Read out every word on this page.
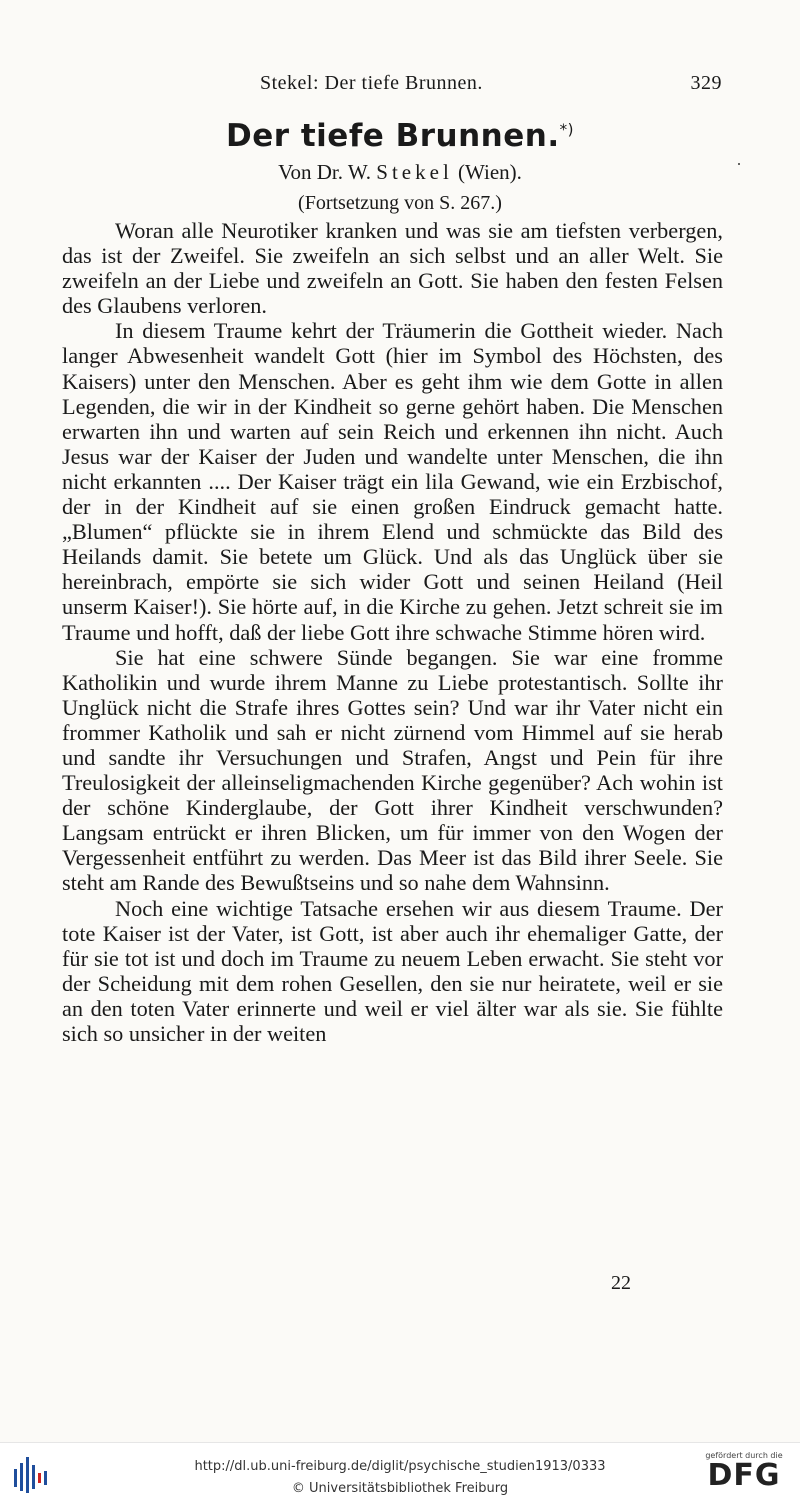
Stekel: Der tiefe Brunnen.	329
Der tiefe Brunnen.*)
Von Dr. W. Stekel (Wien).
(Fortsetzung von S. 267.)

Woran alle Neurotiker kranken und was sie am tiefsten verbergen, das ist der Zweifel. Sie zweifeln an sich selbst und an aller Welt. Sie zweifeln an der Liebe und zweifeln an Gott. Sie haben den festen Felsen des Glaubens verloren.

In diesem Traume kehrt der Träumerin die Gottheit wieder. Nach langer Abwesenheit wandelt Gott (hier im Symbol des Höchsten, des Kaisers) unter den Menschen. Aber es geht ihm wie dem Gotte in allen Legenden, die wir in der Kindheit so gerne gehört haben. Die Menschen erwarten ihn und warten auf sein Reich und erkennen ihn nicht. Auch Jesus war der Kaiser der Juden und wandelte unter Menschen, die ihn nicht erkannten .... Der Kaiser trägt ein lila Gewand, wie ein Erzbischof, der in der Kindheit auf sie einen großen Eindruck gemacht hatte. „Blumen“ pflückte sie in ihrem Elend und schmückte das Bild des Heilands damit. Sie betete um Glück. Und als das Unglück über sie hereinbrach, empörte sie sich wider Gott und seinen Heiland (Heil unserm Kaiser!). Sie hörte auf, in die Kirche zu gehen. Jetzt schreit sie im Traume und hofft, daß der liebe Gott ihre schwache Stimme hören wird.

Sie hat eine schwere Sünde begangen. Sie war eine fromme Katholikin und wurde ihrem Manne zu Liebe protestantisch. Sollte ihr Unglück nicht die Strafe ihres Gottes sein? Und war ihr Vater nicht ein frommer Katholik und sah er nicht zürnend vom Himmel auf sie herab und sandte ihr Versuchungen und Strafen, Angst und Pein für ihre Treulosigkeit der alleinseligmachenden Kirche gegenüber? Ach wohin ist der schöne Kinderglaube, der Gott ihrer Kindheit verschwunden? Langsam entrückt er ihren Blicken, um für immer von den Wogen der Vergessenheit entführt zu werden. Das Meer ist das Bild ihrer Seele. Sie steht am Rande des Bewußtseins und so nahe dem Wahnsinn.

Noch eine wichtige Tatsache ersehen wir aus diesem Traume. Der tote Kaiser ist der Vater, ist Gott, ist aber auch ihr ehemaliger Gatte, der für sie tot ist und doch im Traume zu neuem Leben erwacht. Sie steht vor der Scheidung mit dem rohen Gesellen, den sie nur heiratete, weil er sie an den toten Vater erinnerte und weil er viel älter war als sie. Sie fühlte sich so unsicher in der weiten

22
http://dl.ub.uni-freiburg.de/diglit/psychische_studien1913/0333
© Universitätsbibliothek Freiburg
gefördert durch die
DFG
